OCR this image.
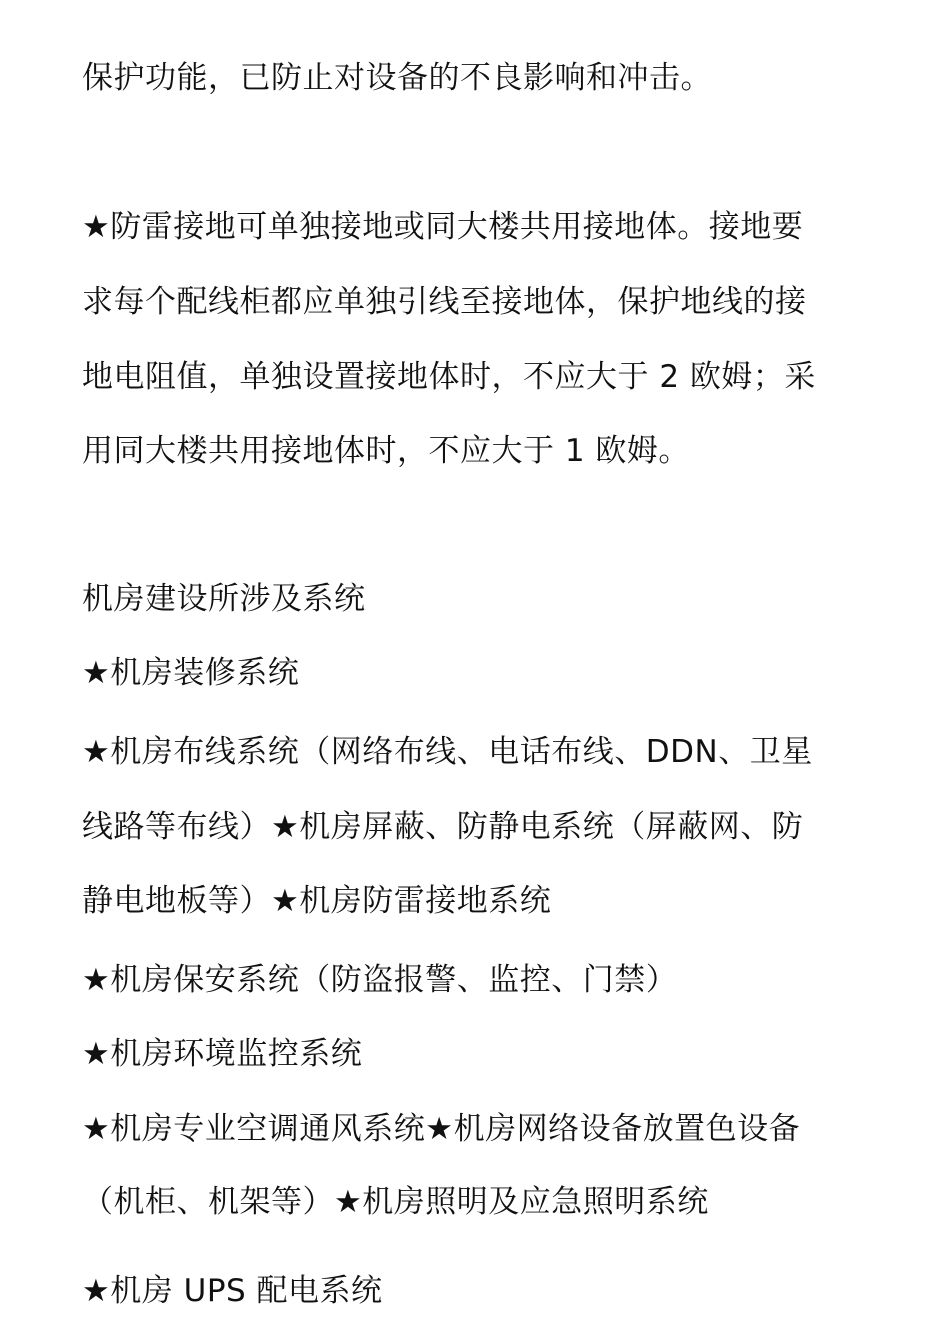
保护功能，已防止对设备的不良影响和冲击。
★防雷接地可单独接地或同大楼共用接地体。接地要
求每个配线柜都应单独引线至接地体，保护地线的接
地电阻值，单独设置接地体时，不应大于 2 欧姆；采
用同大楼共用接地体时，不应大于 1 欧姆。
机房建设所涉及系统
★机房装修系统
★机房布线系统（网络布线、电话布线、DDN、卫星
线路等布线）★机房屏蔽、防静电系统（屏蔽网、防
静电地板等）★机房防雷接地系统
★机房保安系统（防盗报警、监控、门禁）
★机房环境监控系统
★机房专业空调通风系统★机房网络设备放置色设备
（机柜、机架等）★机房照明及应急照明系统
★机房 UPS 配电系统
